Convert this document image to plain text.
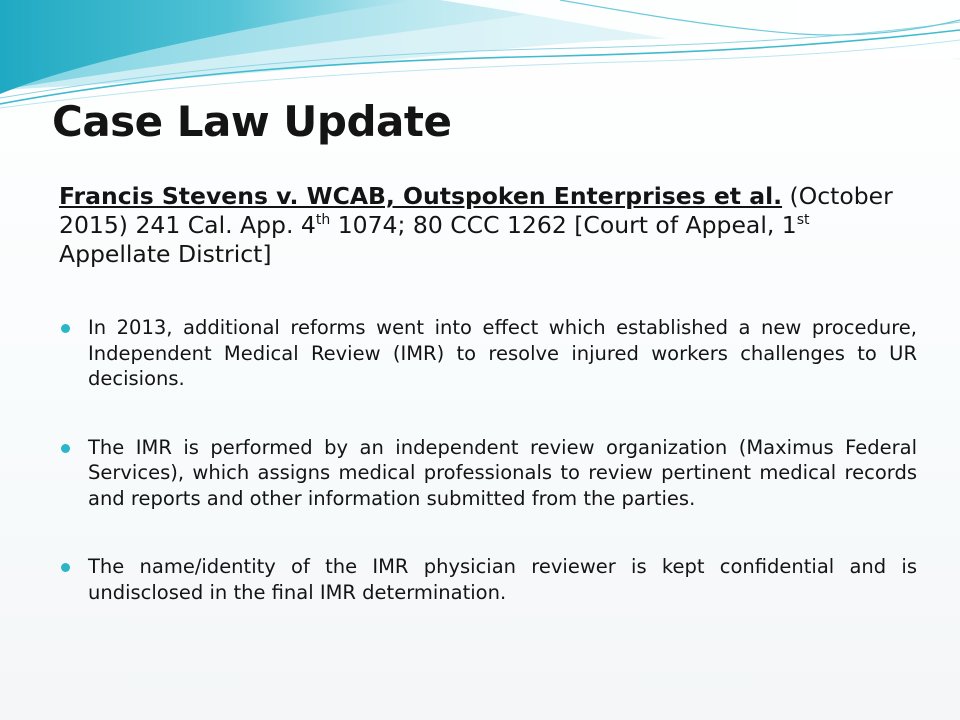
Case Law Update

Francis Stevens v. WCAB, Outspoken Enterprises et al. (October 2015) 241 Cal. App. 4th 1074; 80 CCC 1262 [Court of Appeal, 1st Appellate District]

In 2013, additional reforms went into effect which established a new procedure, Independent Medical Review (IMR) to resolve injured workers challenges to UR decisions.
The IMR is performed by an independent review organization (Maximus Federal Services), which assigns medical professionals to review pertinent medical records and reports and other information submitted from the parties.
The name/identity of the IMR physician reviewer is kept confidential and is undisclosed in the final IMR determination.
